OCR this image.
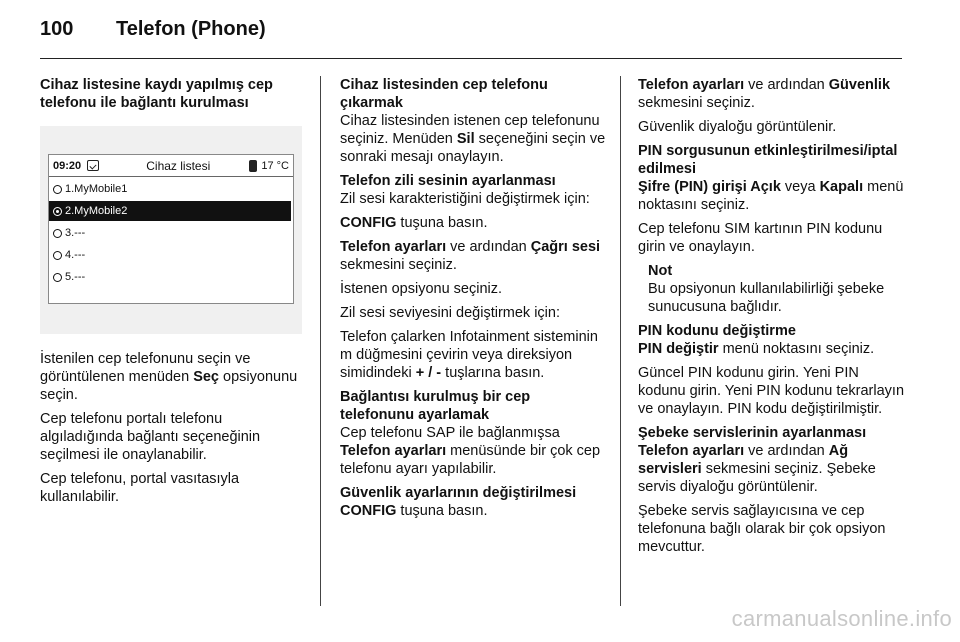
100	Telefon (Phone)
Cihaz listesine kaydı yapılmış cep telefonu ile bağlantı kurulması
09:20	Cihaz listesi	17 °C
1.MyMobile1
2.MyMobile2
3.---
4.---
5.---

İstenilen cep telefonunu seçin ve görüntülenen menüden Seç opsiyonunu seçin.

Cep telefonu portalı telefonu algıladığında bağlantı seçeneğinin seçilmesi ile onaylanabilir.

Cep telefonu, portal vasıtasıyla kullanılabilir.

Cihaz listesinden cep telefonu çıkarmak
Cihaz listesinden istenen cep telefonunu seçiniz. Menüden Sil seçeneğini seçin ve sonraki mesajı onaylayın.
Telefon zili sesinin ayarlanması
Zil sesi karakteristiğini değiştirmek için:

CONFIG tuşuna basın.

Telefon ayarları ve ardından Çağrı sesi sekmesini seçiniz.

İstenen opsiyonu seçiniz.

Zil sesi seviyesini değiştirmek için:

Telefon çalarken Infotainment sisteminin m düğmesini çevirin veya direksiyon simidindeki + / - tuşlarına basın.

Bağlantısı kurulmuş bir cep telefonunu ayarlamak
Cep telefonu SAP ile bağlanmışsa Telefon ayarları menüsünde bir çok cep telefonu ayarı yapılabilir.
Güvenlik ayarlarının değiştirilmesi
CONFIG tuşuna basın.

Telefon ayarları ve ardından Güvenlik sekmesini seçiniz.

Güvenlik diyaloğu görüntülenir.

PIN sorgusunun etkinleştirilmesi/iptal edilmesi
Şifre (PIN) girişi Açık veya Kapalı menü noktasını seçiniz.

Cep telefonu SIM kartının PIN kodunu girin ve onaylayın.

Not
Bu opsiyonun kullanılabilirliği şebeke sunucusuna bağlıdır.
PIN kodunu değiştirme
PIN değiştir menü noktasını seçiniz.

Güncel PIN kodunu girin. Yeni PIN kodunu girin. Yeni PIN kodunu tekrarlayın ve onaylayın. PIN kodu değiştirilmiştir.

Şebeke servislerinin ayarlanması
Telefon ayarları ve ardından Ağ servisleri sekmesini seçiniz. Şebeke servis diyaloğu görüntülenir.

Şebeke servis sağlayıcısına ve cep telefonuna bağlı olarak bir çok opsiyon mevcuttur.

carmanualsonline.info
